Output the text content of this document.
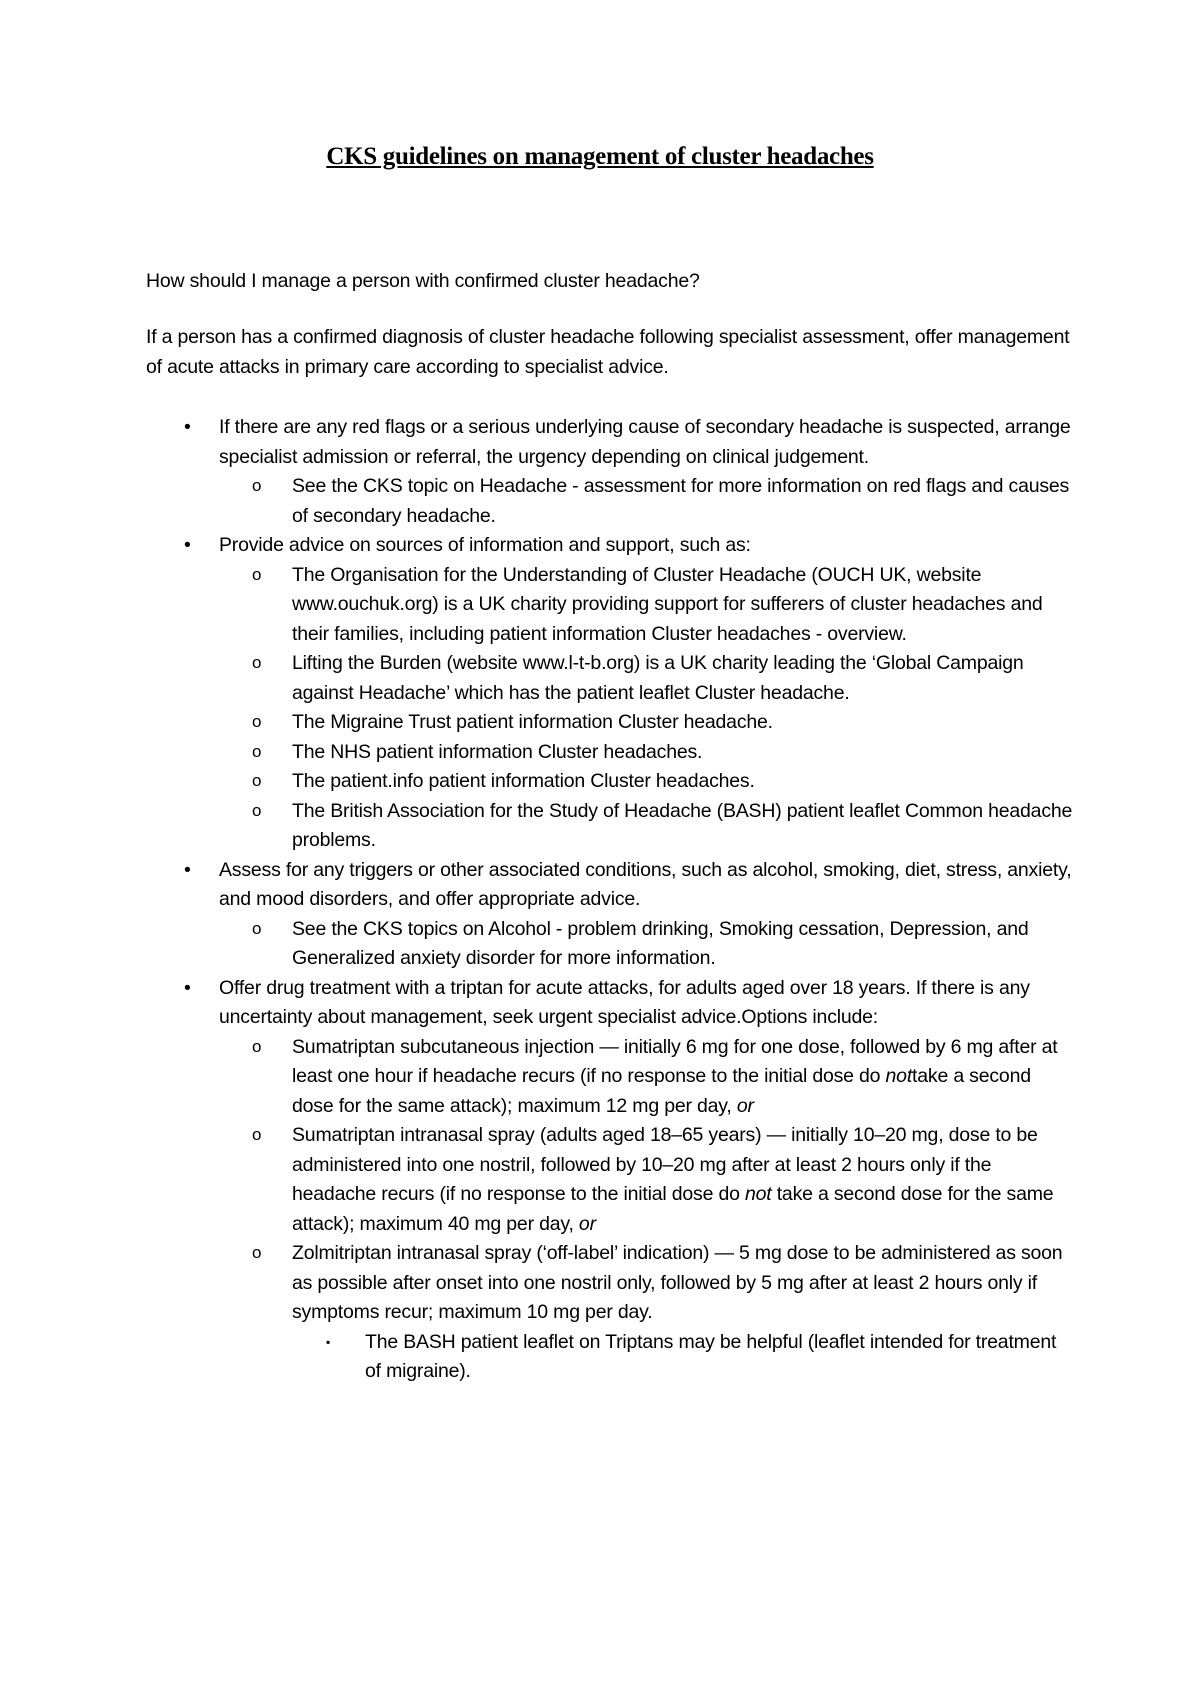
CKS guidelines on management of cluster headaches
How should I manage a person with confirmed cluster headache?
If a person has a confirmed diagnosis of cluster headache following specialist assessment, offer management of acute attacks in primary care according to specialist advice.
• If there are any red flags or a serious underlying cause of secondary headache is suspected, arrange specialist admission or referral, the urgency depending on clinical judgement.
o See the CKS topic on Headache - assessment for more information on red flags and causes of secondary headache.
• Provide advice on sources of information and support, such as:
o The Organisation for the Understanding of Cluster Headache (OUCH UK, website www.ouchuk.org) is a UK charity providing support for sufferers of cluster headaches and their families, including patient information Cluster headaches - overview.
o Lifting the Burden (website www.l-t-b.org) is a UK charity leading the ‘Global Campaign against Headache’ which has the patient leaflet Cluster headache.
o The Migraine Trust patient information Cluster headache.
o The NHS patient information Cluster headaches.
o The patient.info patient information Cluster headaches.
o The British Association for the Study of Headache (BASH) patient leaflet Common headache problems.
• Assess for any triggers or other associated conditions, such as alcohol, smoking, diet, stress, anxiety, and mood disorders, and offer appropriate advice.
o See the CKS topics on Alcohol - problem drinking, Smoking cessation, Depression, and Generalized anxiety disorder for more information.
• Offer drug treatment with a triptan for acute attacks, for adults aged over 18 years. If there is any uncertainty about management, seek urgent specialist advice.Options include:
o Sumatriptan subcutaneous injection — initially 6 mg for one dose, followed by 6 mg after at least one hour if headache recurs (if no response to the initial dose do nottake a second dose for the same attack); maximum 12 mg per day, or
o Sumatriptan intranasal spray (adults aged 18–65 years) — initially 10–20 mg, dose to be administered into one nostril, followed by 10–20 mg after at least 2 hours only if the headache recurs (if no response to the initial dose do not take a second dose for the same attack); maximum 40 mg per day, or
o Zolmitriptan intranasal spray (‘off-label’ indication) — 5 mg dose to be administered as soon as possible after onset into one nostril only, followed by 5 mg after at least 2 hours only if symptoms recur; maximum 10 mg per day.
▪ The BASH patient leaflet on Triptans may be helpful (leaflet intended for treatment of migraine).
